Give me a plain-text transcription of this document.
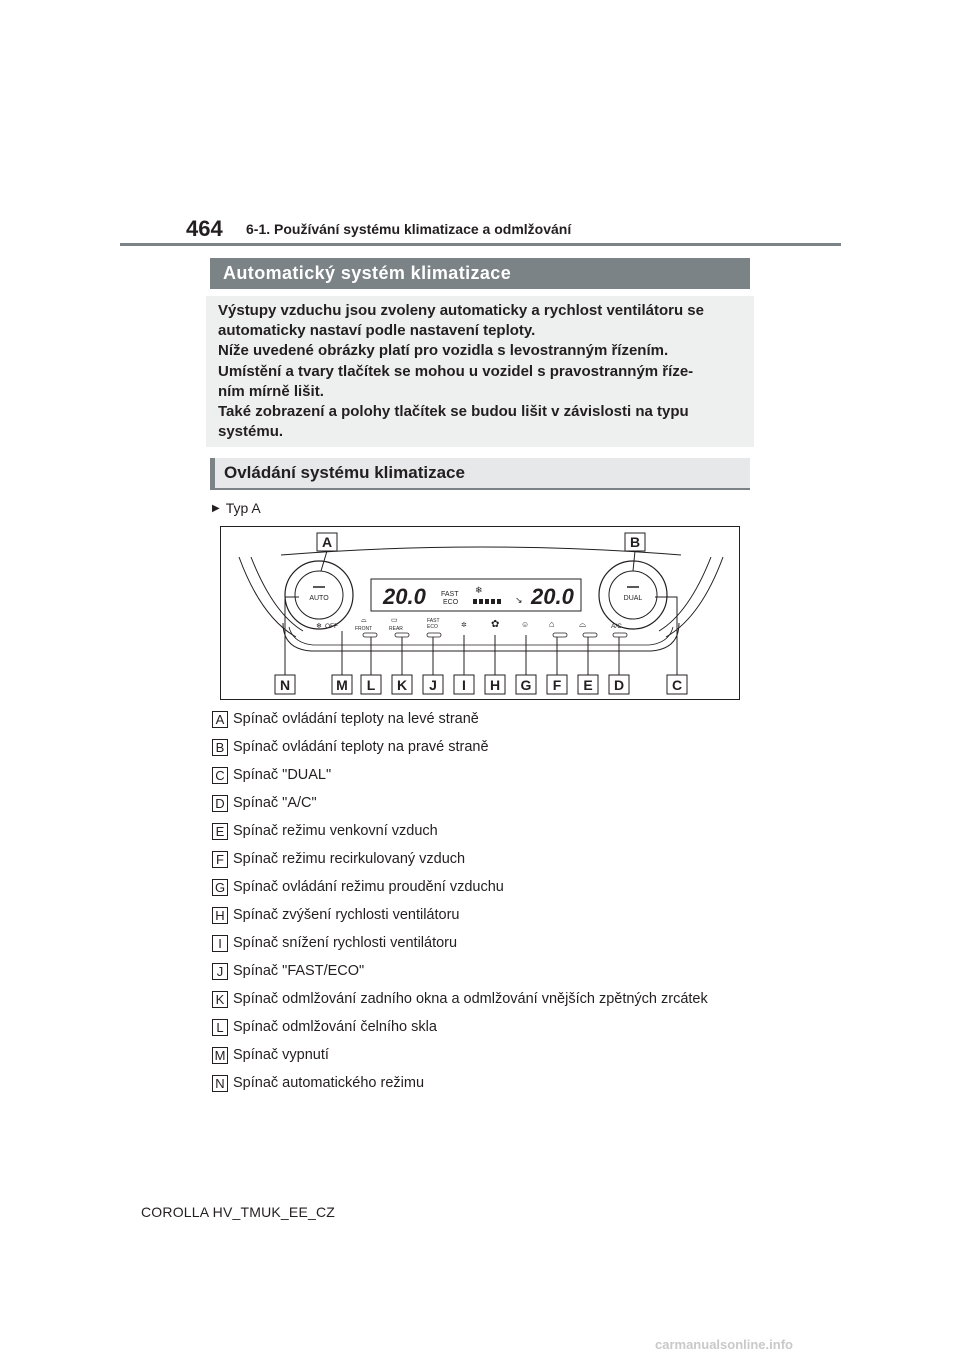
464 6-1. Používání systému klimatizace a odmlžování
Automatický systém klimatizace
Výstupy vzduchu jsou zvoleny automaticky a rychlost ventilátoru se
automaticky nastaví podle nastavení teploty.
Níže uvedené obrázky platí pro vozidla s levostranným řízením.
Umístění a tvary tlačítek se mohou u vozidel s pravostranným říze-
ním mírně lišit.
Také zobrazení a polohy tlačítek se budou lišit v závislosti na typu
systému.
Ovládání systému klimatizace
▶ Typ A
AUTO	DUAL
20.0 FAST
ECO
❄
↘ 20.0
OFF
❄
⌓
FRONT
▭
REAR
FAST
ECO	✲ ✿	☺ ⌂	⌓	A/C
A	B
N	M L K J I H G F E D	C
A Spínač ovládání teploty na levé straně
B Spínač ovládání teploty na pravé straně
C Spínač "DUAL"
D Spínač "A/C"
E Spínač režimu venkovní vzduch
F Spínač režimu recirkulovaný vzduch
G Spínač ovládání režimu proudění vzduchu
H Spínač zvýšení rychlosti ventilátoru
I Spínač snížení rychlosti ventilátoru
J Spínač "FAST/ECO"
K Spínač odmlžování zadního okna a odmlžování vnějších zpětných zrcátek
L Spínač odmlžování čelního skla
M Spínač vypnutí
N Spínač automatického režimu
COROLLA HV_TMUK_EE_CZ
carmanualsonline.info
